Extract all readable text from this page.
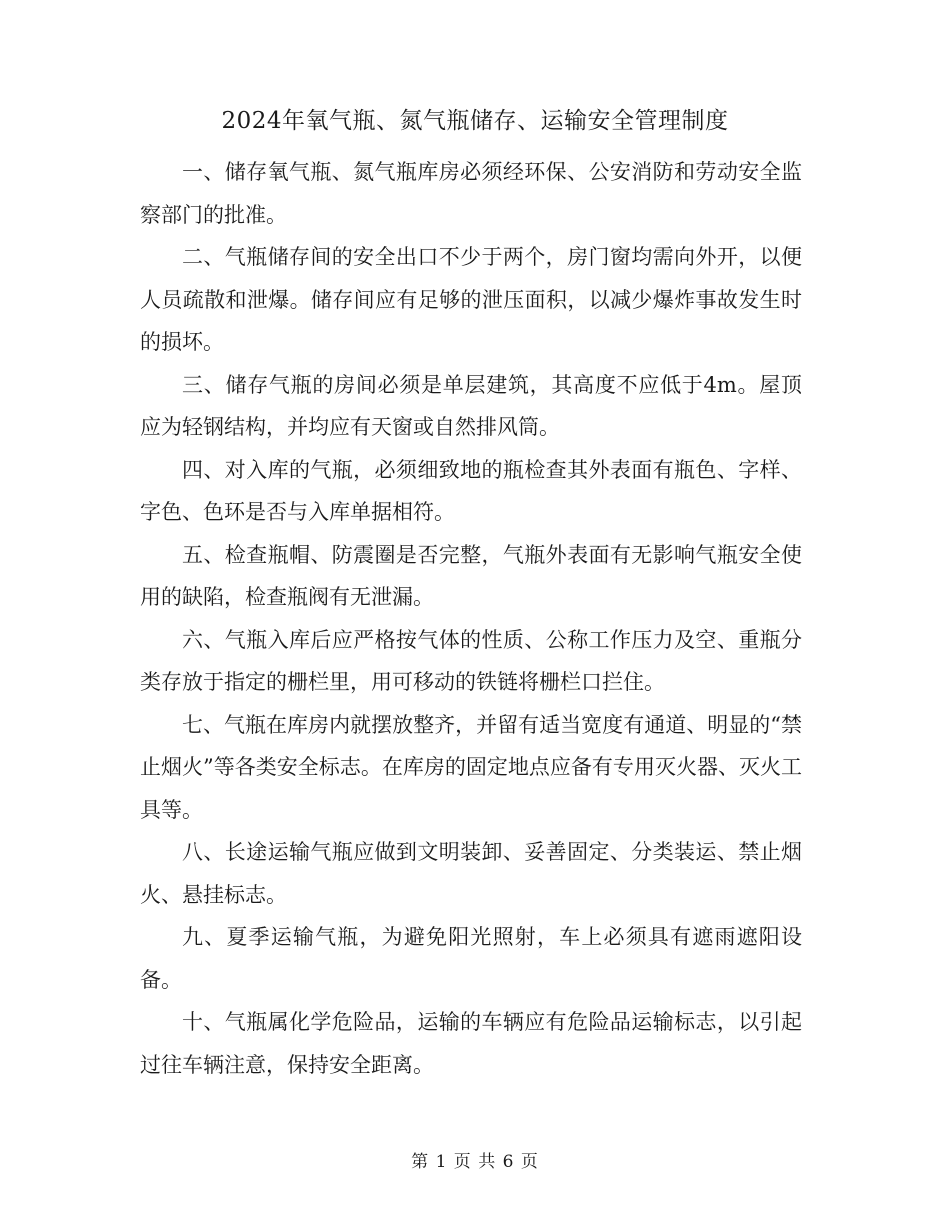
2024年氧气瓶、氮气瓶储存、运输安全管理制度

一、储存氧气瓶、氮气瓶库房必须经环保、公安消防和劳动安全监察部门的批准。

二、气瓶储存间的安全出口不少于两个，房门窗均需向外开，以便人员疏散和泄爆。储存间应有足够的泄压面积，以减少爆炸事故发生时的损坏。

三、储存气瓶的房间必须是单层建筑，其高度不应低于4m。屋顶应为轻钢结构，并均应有天窗或自然排风筒。

四、对入库的气瓶，必须细致地的瓶检查其外表面有瓶色、字样、字色、色环是否与入库单据相符。

五、检查瓶帽、防震圈是否完整，气瓶外表面有无影响气瓶安全使用的缺陷，检查瓶阀有无泄漏。

六、气瓶入库后应严格按气体的性质、公称工作压力及空、重瓶分类存放于指定的栅栏里，用可移动的铁链将栅栏口拦住。

七、气瓶在库房内就摆放整齐，并留有适当宽度有通道、明显的“禁止烟火”等各类安全标志。在库房的固定地点应备有专用灭火器、灭火工具等。

八、长途运输气瓶应做到文明装卸、妥善固定、分类装运、禁止烟火、悬挂标志。

九、夏季运输气瓶，为避免阳光照射，车上必须具有遮雨遮阳设备。

十、气瓶属化学危险品，运输的车辆应有危险品运输标志，以引起过往车辆注意，保持安全距离。

第 1 页 共 6 页
